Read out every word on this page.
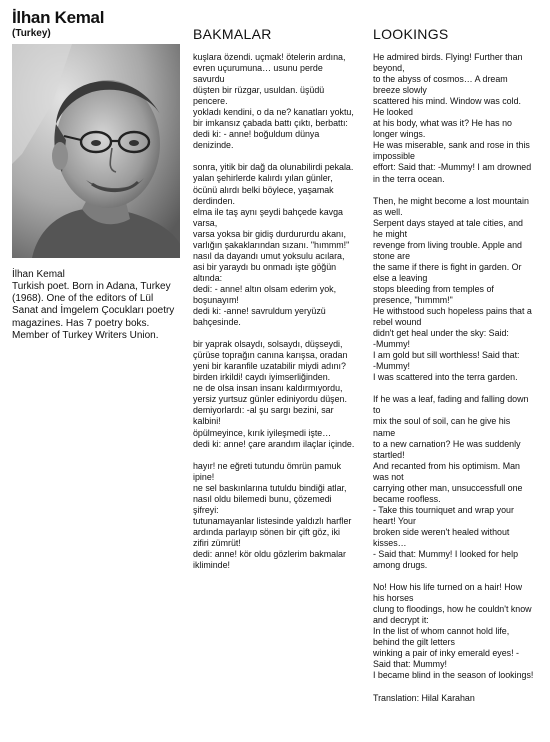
İlhan Kemal
(Turkey)
İlhan Kemal

Turkish poet. Born in Adana, Turkey
(1968). One of the editors of Lül
Sanat and İmgelem Çocukları poetry
magazines. Has 7 poetry boks.
Member of Turkey Writers Union.

BAKMALAR

kuşlara özendi. uçmak! ötelerin ardına,
evren uçurumuna… usunu perde
savurdu
düşten bir rüzgar, usuldan. üşüdü
pencere.
yokladı kendini, o da ne? kanatları yoktu,
bir imkansız çabada battı çıktı, berbattı:
dedi ki: - anne! boğuldum dünya
denizinde.

sonra, yitik bir dağ da olunabilirdi pekala.
yalan şehirlerde kalırdı yılan günler,
öcünü alırdı belki böylece, yaşamak
derdinden.
elma ile taş aynı şeydi bahçede kavga
varsa,
varsa yoksa bir gidiş durdururdu akanı,
varlığın şakaklarından sızanı. "hımmm!"
nasıl da dayandı umut yoksulu acılara,
asi bir yaraydı bu onmadı işte göğün
altında:
dedi: - anne! altın olsam ederim yok,
boşunayım!
dedi ki: -anne! savruldum yeryüzü
bahçesinde.

bir yaprak olsaydı, solsaydı, düşseydi,
çürüse toprağın canına karışsa, oradan
yeni bir karanfile uzatabilir miydi adını?
birden irkildi! caydı iyimserliğinden.
ne de olsa insan insanı kaldırmıyordu,
yersiz yurtsuz günler ediniyordu düşen.
demiyorlardı: -al şu sargı bezini, sar
kalbini!
öpülmeyince, kırık iyileşmedi işte…
dedi ki: anne! çare arandım ilaçlar içinde.

hayır! ne eğreti tutundu ömrün pamuk
ipine!
ne sel baskınlarına tutuldu bindiği atlar,
nasıl oldu bilemedi bunu, çözemedi
şifreyi:
tutunamayanlar listesinde yaldızlı harfler
ardında parlayıp sönen bir çift göz, iki
zifiri zümrüt!
dedi: anne! kör oldu gözlerim bakmalar
ikliminde!

LOOKINGS

He admired birds. Flying! Further than
beyond,
to the abyss of cosmos… A dream
breeze slowly
scattered his mind. Window was cold.
He looked
at his body, what was it? He has no
longer wings.
He was miserable, sank and rose in this
impossible
effort: Said that: -Mummy! I am drowned
in the terra ocean.

Then, he might become a lost mountain
as well.
Serpent days stayed at tale cities, and
he might
revenge from living trouble. Apple and
stone are
the same if there is fight in garden. Or
else a leaving
stops bleeding from temples of
presence, "hımmm!"
He withstood such hopeless pains that a
rebel wound
didn't get heal under the sky: Said:
-Mummy!
I am gold but sill worthless! Said that:
-Mummy!
I was scattered into the terra garden.

If he was a leaf, fading and falling down
to
mix the soul of soil, can he give his
name
to a new carnation? He was suddenly
startled!
And recanted from his optimism. Man
was not
carrying other man, unsuccessfull one
became roofless.
- Take this tourniquet and wrap your
heart! Your
broken side weren't healed without
kisses…
- Said that: Mummy! I looked for help
among drugs.

No! How his life turned on a hair! How
his horses
clung to floodings, how he couldn't know
and decrypt it:
In the list of whom cannot hold life,
behind the gilt letters
winking a pair of inky emerald eyes! -
Said that: Mummy!
I became blind in the season of lookings!

Translation: Hilal Karahan
